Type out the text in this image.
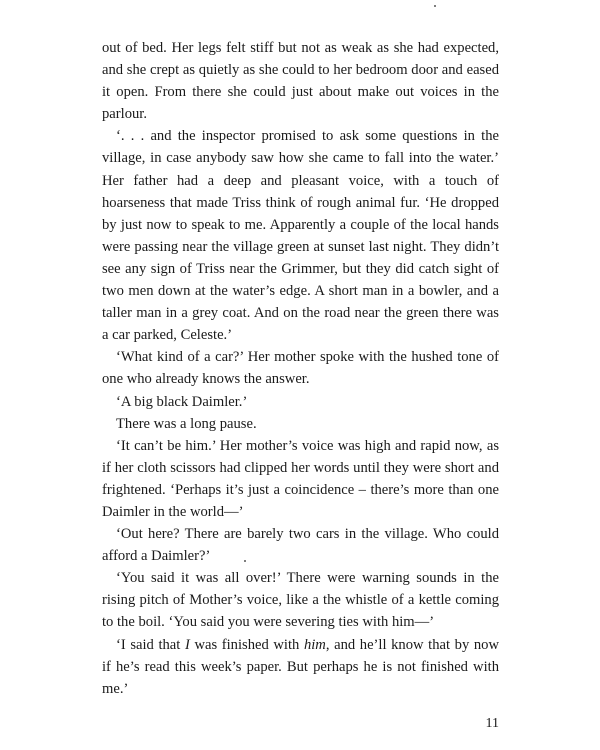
out of bed. Her legs felt stiff but not as weak as she had expected, and she crept as quietly as she could to her bedroom door and eased it open. From there she could just about make out voices in the parlour.

‘. . . and the inspector promised to ask some questions in the village, in case anybody saw how she came to fall into the water.’ Her father had a deep and pleasant voice, with a touch of hoarseness that made Triss think of rough animal fur. ‘He dropped by just now to speak to me. Apparently a couple of the local hands were passing near the village green at sunset last night. They didn’t see any sign of Triss near the Grimmer, but they did catch sight of two men down at the water’s edge. A short man in a bowler, and a taller man in a grey coat. And on the road near the green there was a car parked, Celeste.’

‘What kind of a car?’ Her mother spoke with the hushed tone of one who already knows the answer.

‘A big black Daimler.’

There was a long pause.

‘It can’t be him.’ Her mother’s voice was high and rapid now, as if her cloth scissors had clipped her words until they were short and frightened. ‘Perhaps it’s just a coincidence – there’s more than one Daimler in the world—’

‘Out here? There are barely two cars in the village. Who could afford a Daimler?’

‘You said it was all over!’ There were warning sounds in the rising pitch of Mother’s voice, like a the whistle of a kettle coming to the boil. ‘You said you were severing ties with him—’

‘I said that I was finished with him, and he’ll know that by now if he’s read this week’s paper. But perhaps he is not finished with me.’

11
